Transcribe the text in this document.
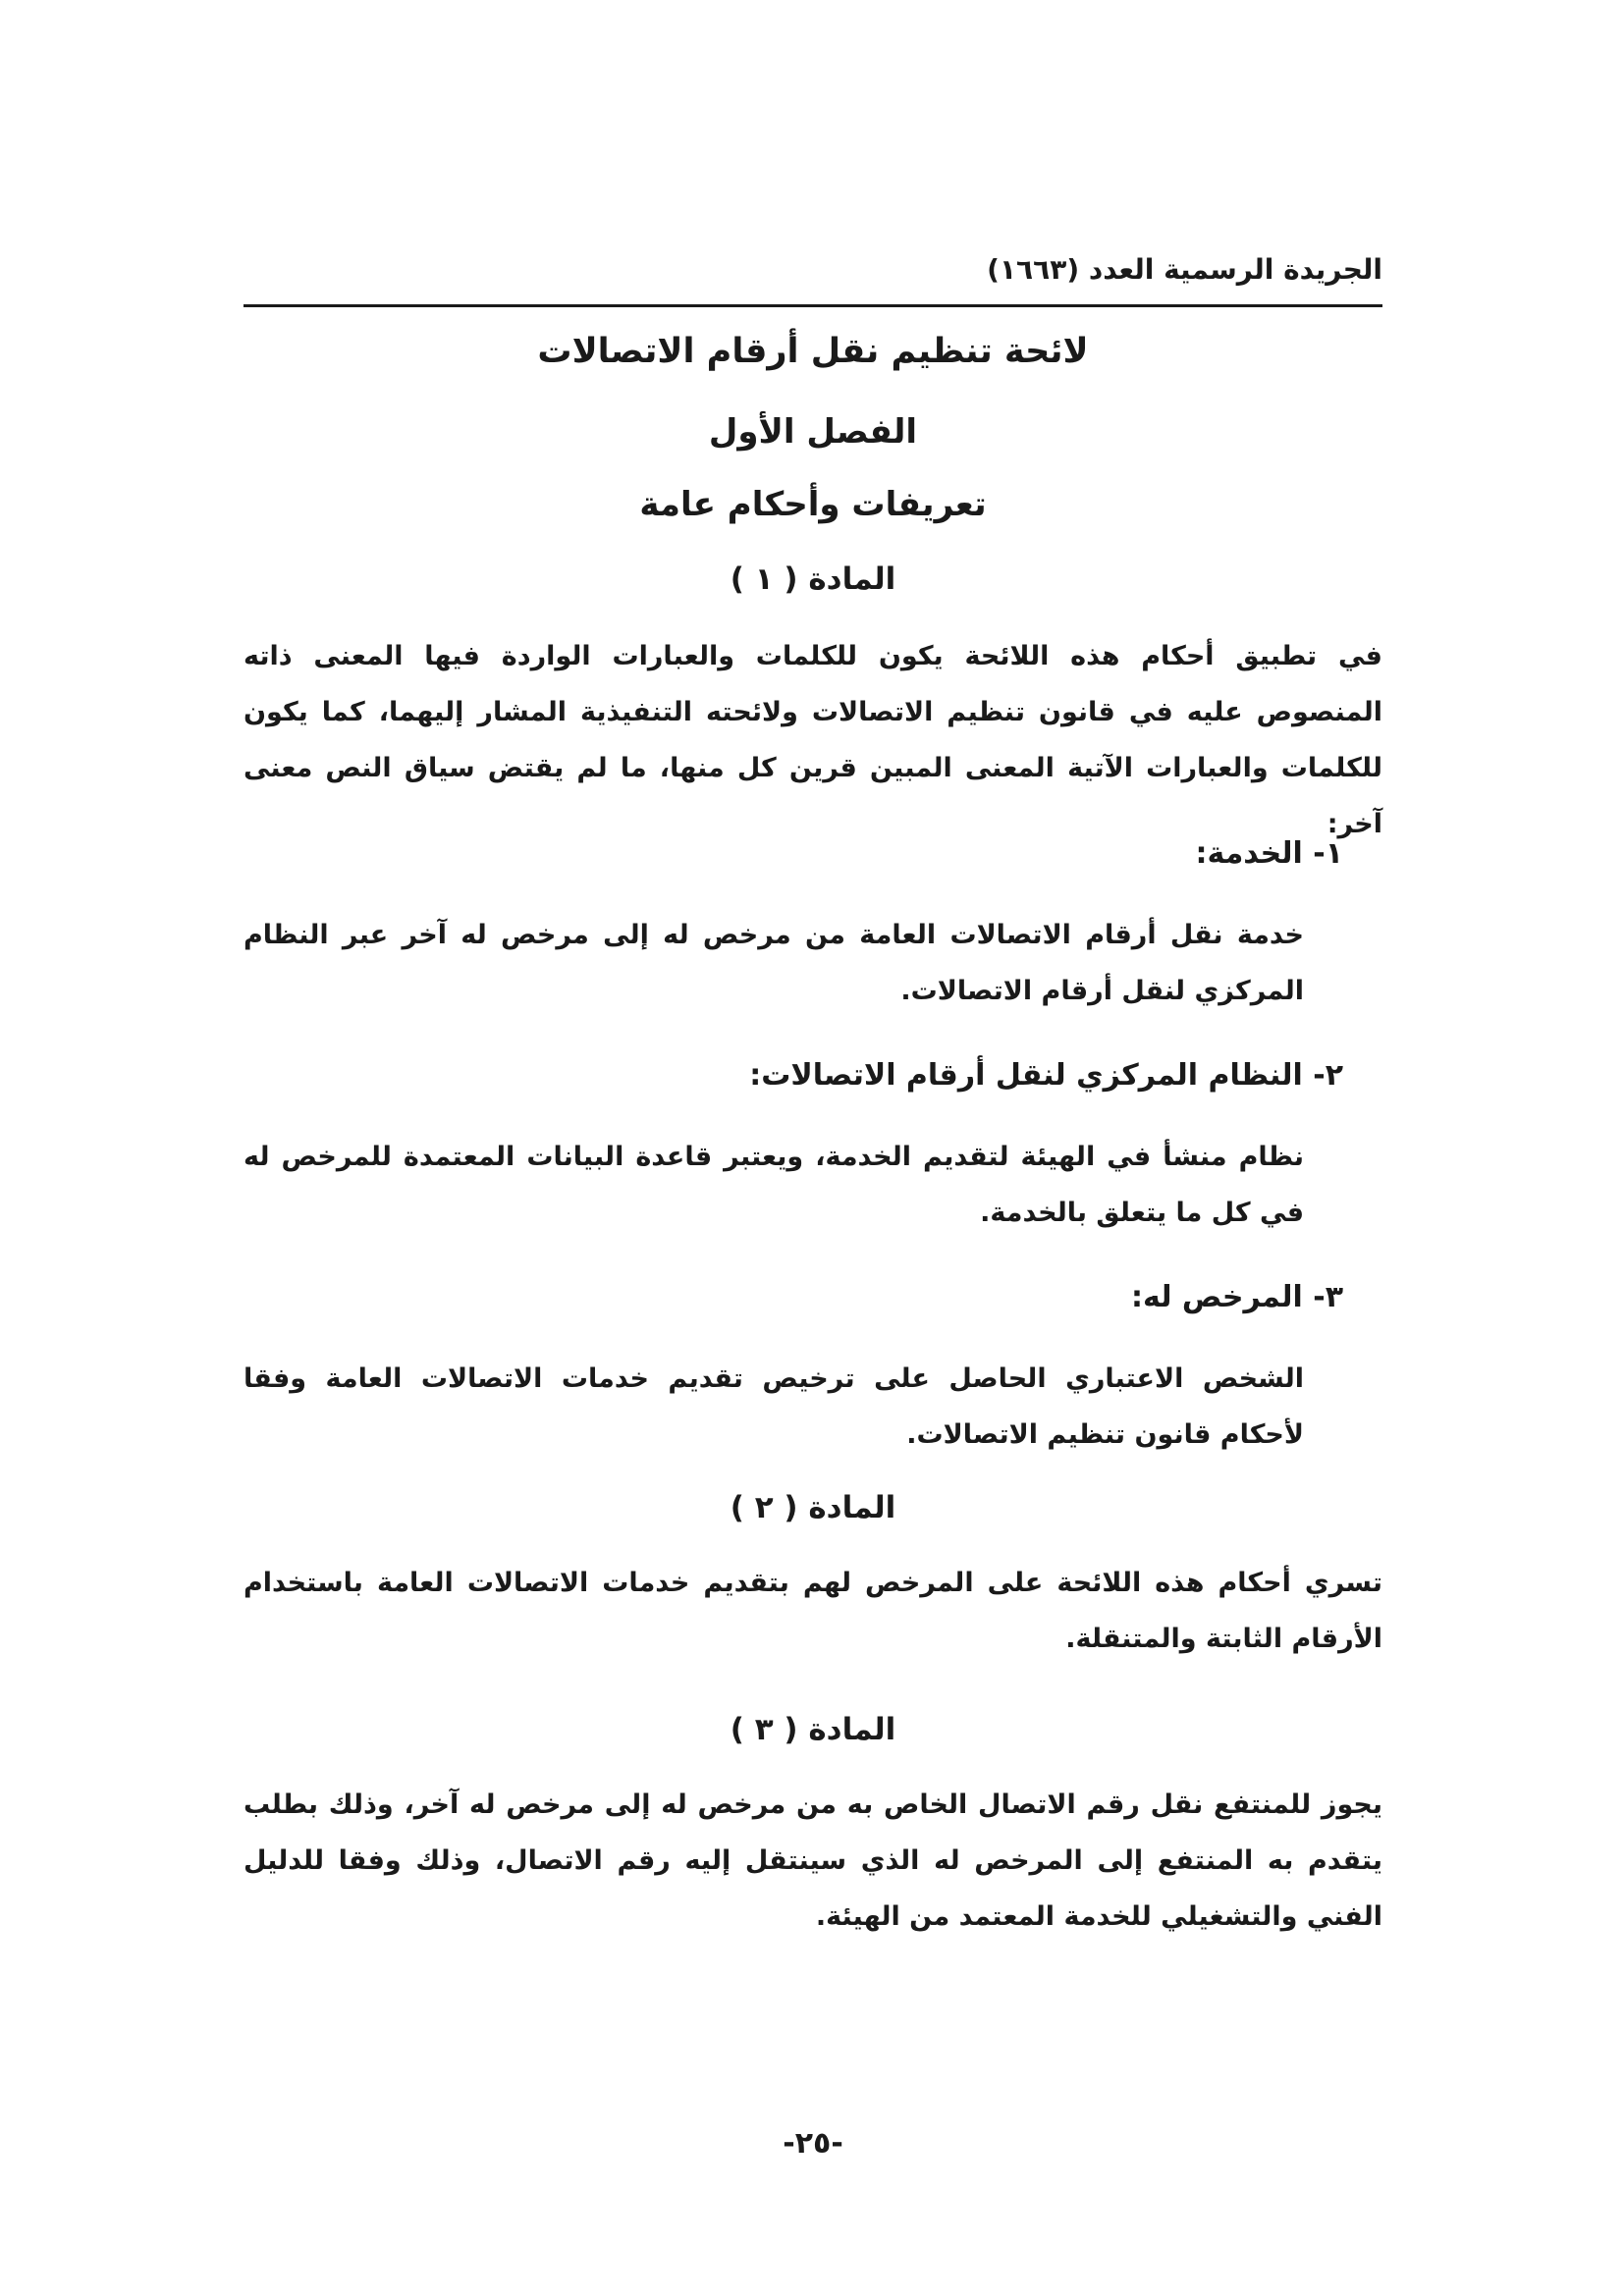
الجريدة الرسمية العدد (١٦٦٣)
لائحة تنظيم نقل أرقام الاتصالات
الفصل الأول
تعريفات وأحكام عامة
المادة ( ١ )
في تطبيق أحكام هذه اللائحة يكون للكلمات والعبارات الواردة فيها المعنى ذاته المنصوص عليه في قانون تنظيم الاتصالات ولائحته التنفيذية المشار إليهما، كما يكون للكلمات والعبارات الآتية المعنى المبين قرين كل منها، ما لم يقتض سياق النص معنى آخر:
١- الخدمة:
خدمة نقل أرقام الاتصالات العامة من مرخص له إلى مرخص له آخر عبر النظام المركزي لنقل أرقام الاتصالات.
٢- النظام المركزي لنقل أرقام الاتصالات:
نظام منشأ في الهيئة لتقديم الخدمة، ويعتبر قاعدة البيانات المعتمدة للمرخص له في كل ما يتعلق بالخدمة.
٣- المرخص له:
الشخص الاعتباري الحاصل على ترخيص تقديم خدمات الاتصالات العامة وفقا لأحكام قانون تنظيم الاتصالات.
المادة ( ٢ )
تسري أحكام هذه اللائحة على المرخص لهم بتقديم خدمات الاتصالات العامة باستخدام الأرقام الثابتة والمتنقلة.
المادة ( ٣ )
يجوز للمنتفع نقل رقم الاتصال الخاص به من مرخص له إلى مرخص له آخر، وذلك بطلب يتقدم به المنتفع إلى المرخص له الذي سينتقل إليه رقم الاتصال، وذلك وفقا للدليل الفني والتشغيلي للخدمة المعتمد من الهيئة.
-٢٥-
